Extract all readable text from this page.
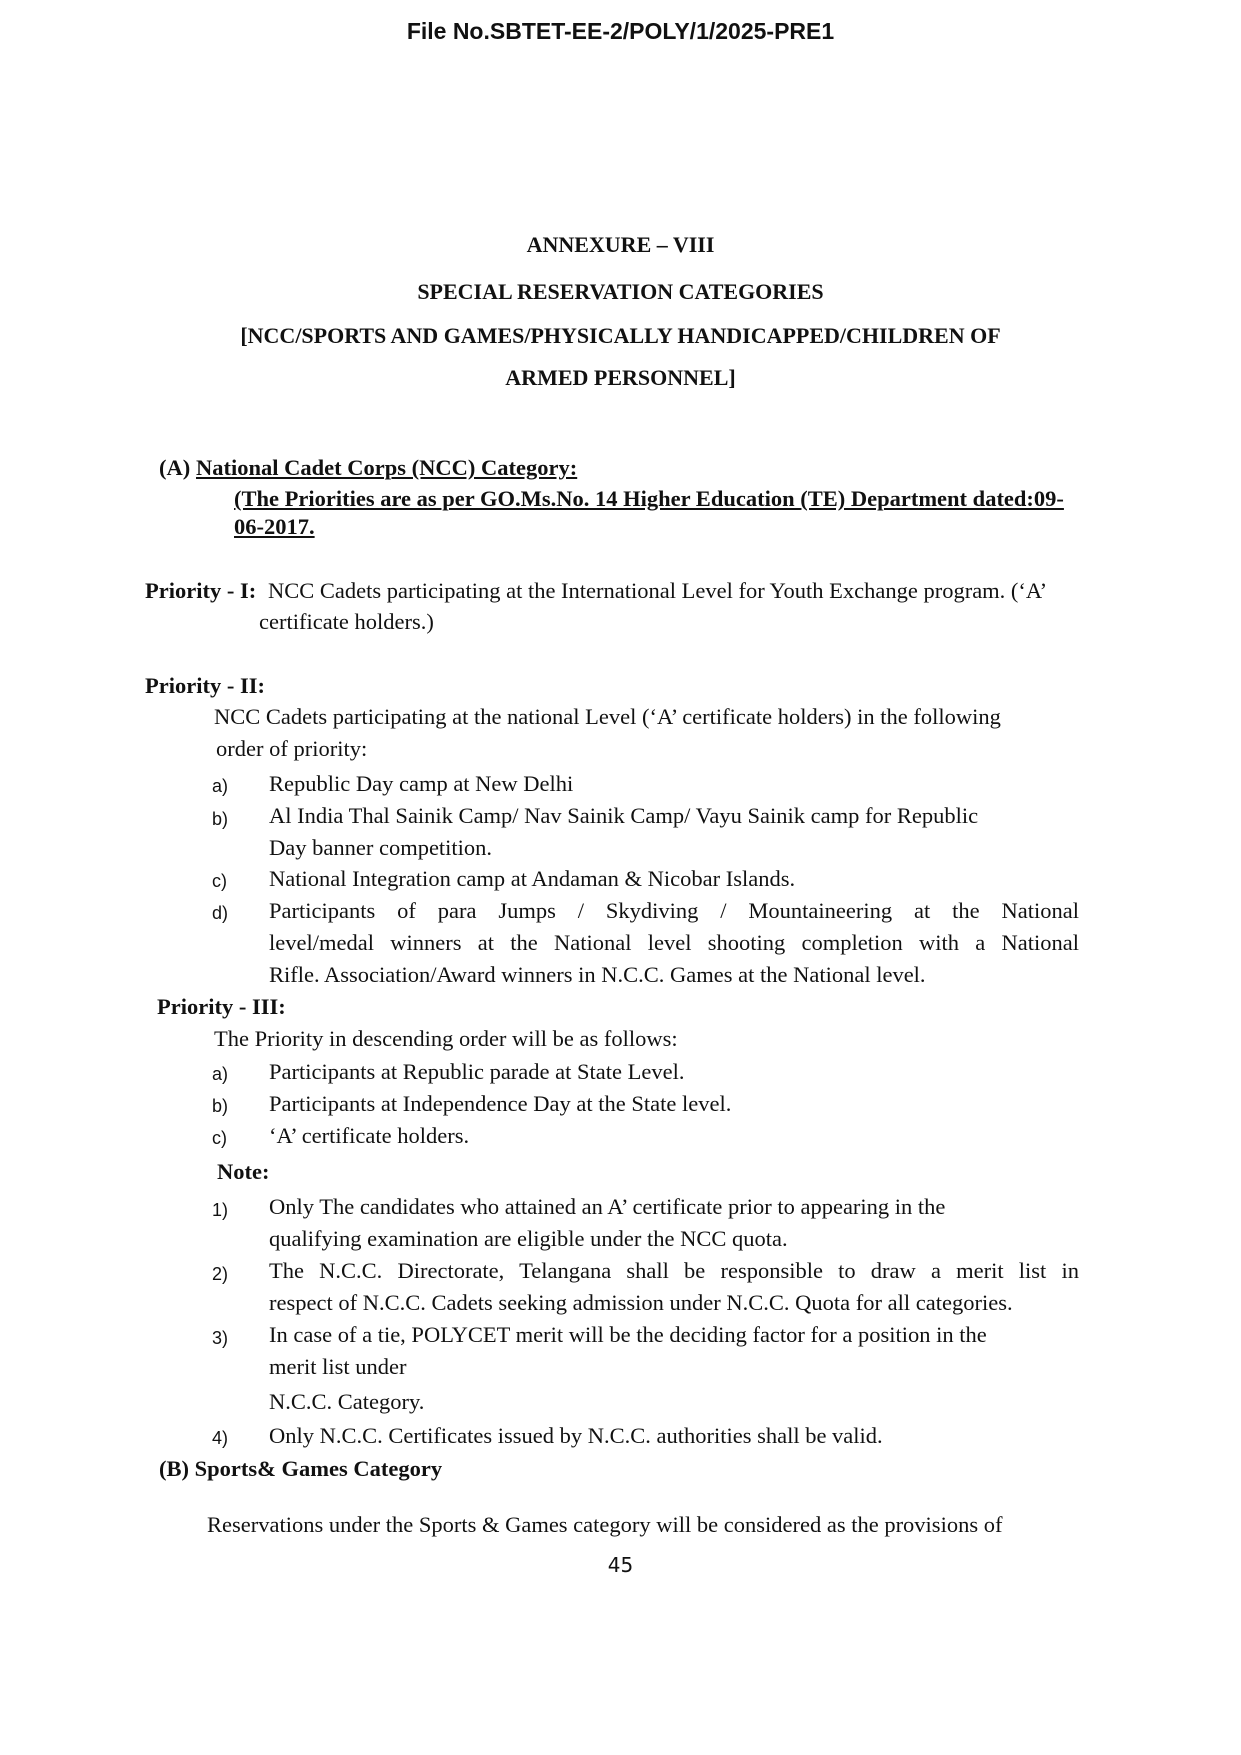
File No.SBTET-EE-2/POLY/1/2025-PRE1
ANNEXURE – VIII
SPECIAL RESERVATION CATEGORIES
[NCC/SPORTS AND GAMES/PHYSICALLY HANDICAPPED/CHILDREN OF
ARMED PERSONNEL]
(A) National Cadet Corps (NCC) Category:
(The Priorities are as per GO.Ms.No. 14 Higher Education (TE) Department dated:09-
06-2017.
Priority - I: NCC Cadets participating at the International Level for Youth Exchange program. (‘A’
certificate holders.)
Priority - II:
NCC Cadets participating at the national Level (‘A’ certificate holders) in the following
order of priority:
a) Republic Day camp at New Delhi
b) Al India Thal Sainik Camp/ Nav Sainik Camp/ Vayu Sainik camp for Republic
Day banner competition.
c) National Integration camp at Andaman & Nicobar Islands.
d) Participants of para Jumps / Skydiving / Mountaineering at the National
level/medal winners at the National level shooting completion with a National
Rifle. Association/Award winners in N.C.C. Games at the National level.
Priority - III:
The Priority in descending order will be as follows:
a) Participants at Republic parade at State Level.
b) Participants at Independence Day at the State level.
c) ‘A’ certificate holders.
Note:
1) Only The candidates who attained an A’ certificate prior to appearing in the
qualifying examination are eligible under the NCC quota.
2) The N.C.C. Directorate, Telangana shall be responsible to draw a merit list in
respect of N.C.C. Cadets seeking admission under N.C.C. Quota for all categories.
3) In case of a tie, POLYCET merit will be the deciding factor for a position in the
merit list under
N.C.C. Category.
4) Only N.C.C. Certificates issued by N.C.C. authorities shall be valid.
(B) Sports& Games Category
Reservations under the Sports & Games category will be considered as the provisions of
45
